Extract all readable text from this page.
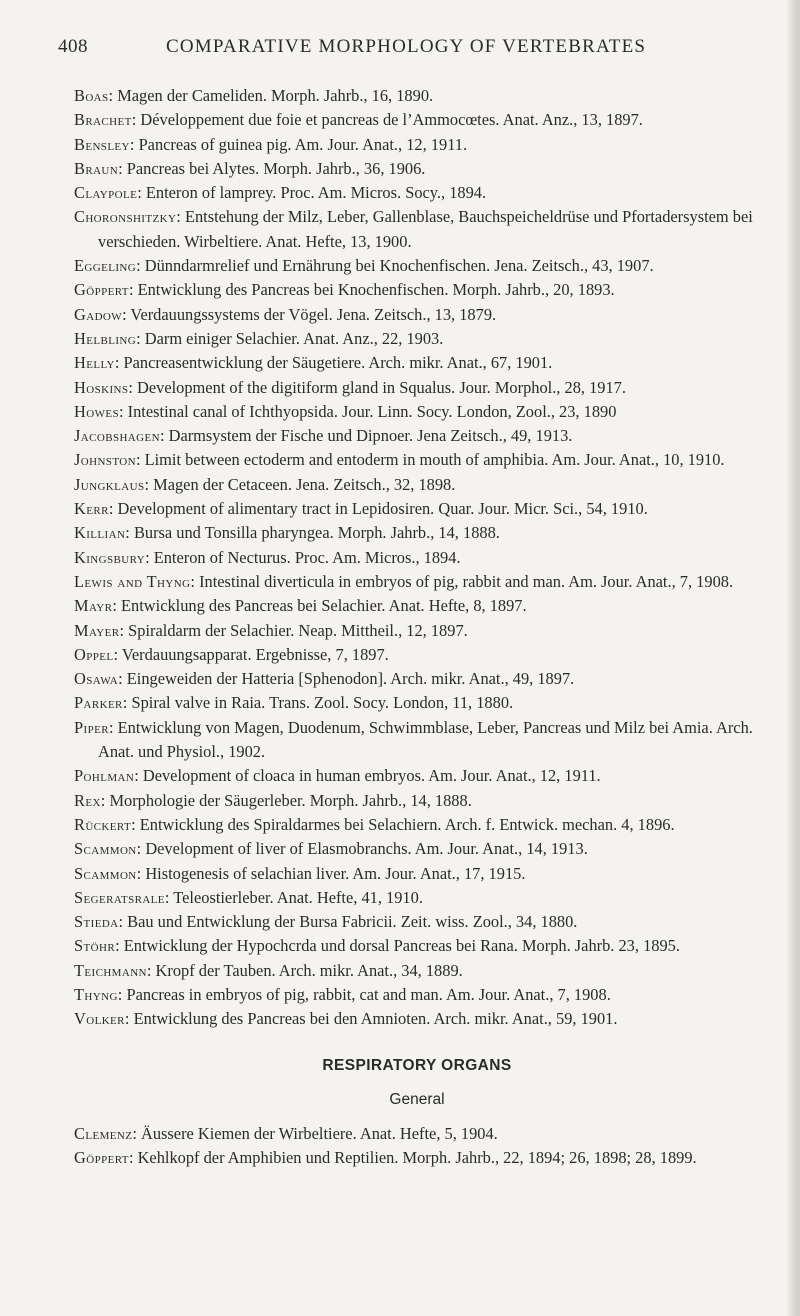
408	COMPARATIVE MORPHOLOGY OF VERTEBRATES
Boas: Magen der Cameliden. Morph. Jahrb., 16, 1890.
Brachet: Développement due foie et pancreas de l’Ammocœtes. Anat. Anz., 13, 1897.
Bensley: Pancreas of guinea pig. Am. Jour. Anat., 12, 1911.
Braun: Pancreas bei Alytes. Morph. Jahrb., 36, 1906.
Claypole: Enteron of lamprey. Proc. Am. Micros. Socy., 1894.
Choronshitzky: Entstehung der Milz, Leber, Gallenblase, Bauchspeicheldrüse und Pfortadersystem bei verschieden. Wirbeltiere. Anat. Hefte, 13, 1900.
Eggeling: Dünndarmrelief und Ernährung bei Knochenfischen. Jena. Zeitsch., 43, 1907.
Göppert: Entwicklung des Pancreas bei Knochenfischen. Morph. Jahrb., 20, 1893.
Gadow: Verdauungssystems der Vögel. Jena. Zeitsch., 13, 1879.
Helbling: Darm einiger Selachier. Anat. Anz., 22, 1903.
Helly: Pancreasentwicklung der Säugetiere. Arch. mikr. Anat., 67, 1901.
Hoskins: Development of the digitiform gland in Squalus. Jour. Morphol., 28, 1917.
Howes: Intestinal canal of Ichthyopsida. Jour. Linn. Socy. London, Zool., 23, 1890
Jacobshagen: Darmsystem der Fische und Dipnoer. Jena Zeitsch., 49, 1913.
Johnston: Limit between ectoderm and entoderm in mouth of amphibia. Am. Jour. Anat., 10, 1910.
Jungklaus: Magen der Cetaceen. Jena. Zeitsch., 32, 1898.
Kerr: Development of alimentary tract in Lepidosiren. Quar. Jour. Micr. Sci., 54, 1910.
Killian: Bursa und Tonsilla pharyngea. Morph. Jahrb., 14, 1888.
Kingsbury: Enteron of Necturus. Proc. Am. Micros., 1894.
Lewis and Thyng: Intestinal diverticula in embryos of pig, rabbit and man. Am. Jour. Anat., 7, 1908.
Mayr: Entwicklung des Pancreas bei Selachier. Anat. Hefte, 8, 1897.
Mayer: Spiraldarm der Selachier. Neap. Mittheil., 12, 1897.
Oppel: Verdauungsapparat. Ergebnisse, 7, 1897.
Osawa: Eingeweiden der Hatteria [Sphenodon]. Arch. mikr. Anat., 49, 1897.
Parker: Spiral valve in Raia. Trans. Zool. Socy. London, 11, 1880.
Piper: Entwicklung von Magen, Duodenum, Schwimmblase, Leber, Pancreas und Milz bei Amia. Arch. Anat. und Physiol., 1902.
Pohlman: Development of cloaca in human embryos. Am. Jour. Anat., 12, 1911.
Rex: Morphologie der Säugerleber. Morph. Jahrb., 14, 1888.
Rückert: Entwicklung des Spiraldarmes bei Selachiern. Arch. f. Entwick. mechan. 4, 1896.
Scammon: Development of liver of Elasmobranchs. Am. Jour. Anat., 14, 1913.
Scammon: Histogenesis of selachian liver. Am. Jour. Anat., 17, 1915.
Segeratsrale: Teleostierleber. Anat. Hefte, 41, 1910.
Stieda: Bau und Entwicklung der Bursa Fabricii. Zeit. wiss. Zool., 34, 1880.
Stöhr: Entwicklung der Hypochcrda und dorsal Pancreas bei Rana. Morph. Jahrb. 23, 1895.
Teichmann: Kropf der Tauben. Arch. mikr. Anat., 34, 1889.
Thyng: Pancreas in embryos of pig, rabbit, cat and man. Am. Jour. Anat., 7, 1908.
Volker: Entwicklung des Pancreas bei den Amnioten. Arch. mikr. Anat., 59, 1901.
RESPIRATORY ORGANS
General
Clemenz: Äussere Kiemen der Wirbeltiere. Anat. Hefte, 5, 1904.
Göppert: Kehlkopf der Amphibien und Reptilien. Morph. Jahrb., 22, 1894; 26, 1898; 28, 1899.
